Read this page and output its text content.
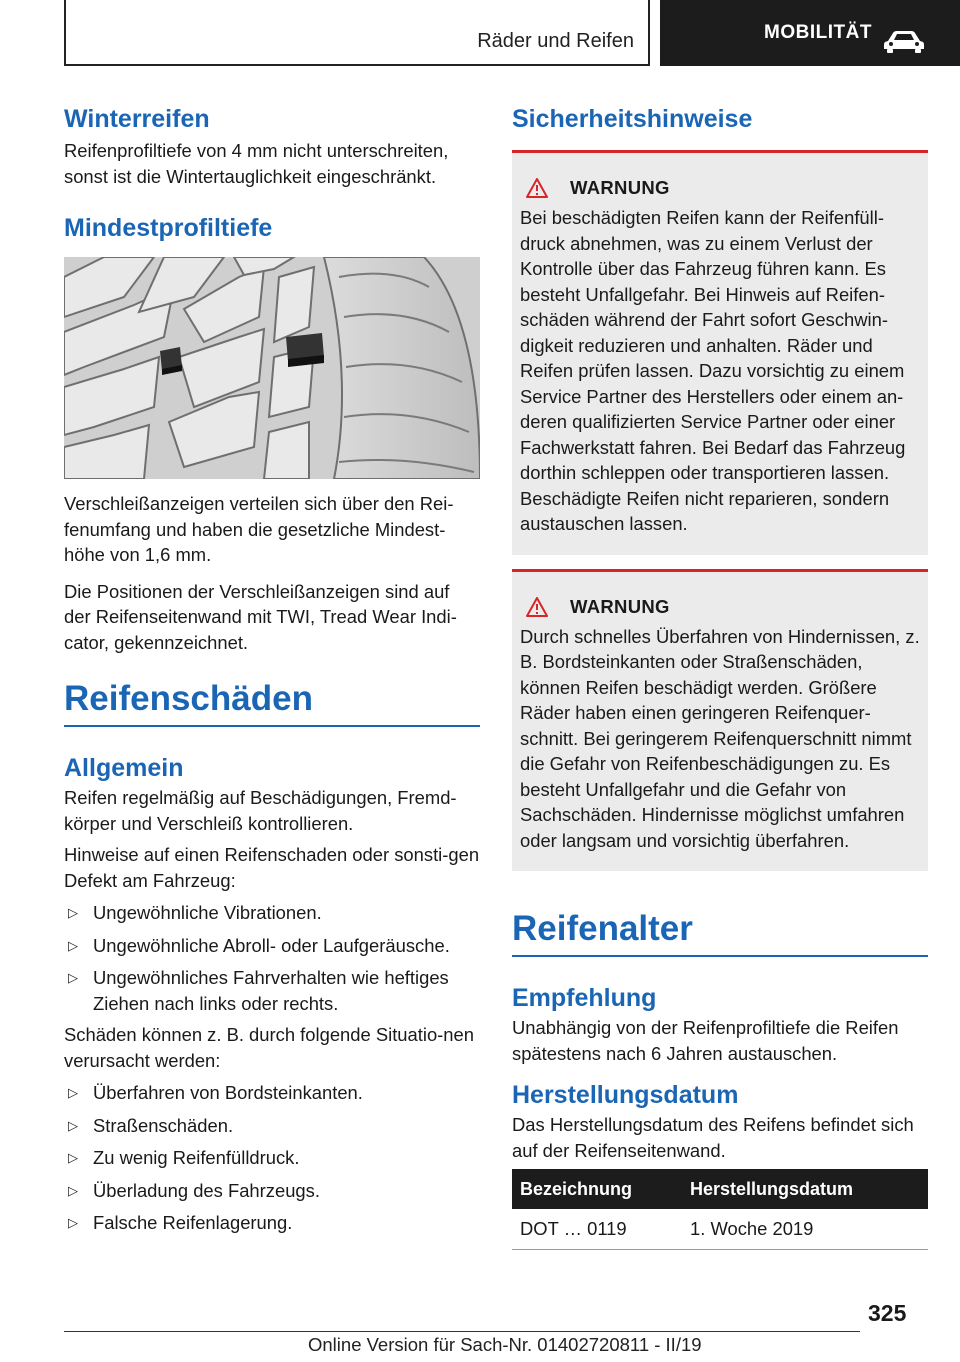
Räder und Reifen	MOBILITÄT
Winterreifen
Reifenprofiltiefe von 4 mm nicht unterschreiten, sonst ist die Wintertauglichkeit eingeschränkt.
Mindestprofiltiefe
Verschleißanzeigen verteilen sich über den Rei-fenumfang und haben die gesetzliche Mindest-höhe von 1,6 mm.
Die Positionen der Verschleißanzeigen sind auf der Reifenseitenwand mit TWI, Tread Wear Indi-cator, gekennzeichnet.
Reifenschäden
Allgemein
Reifen regelmäßig auf Beschädigungen, Fremd-körper und Verschleiß kontrollieren.
Hinweise auf einen Reifenschaden oder sonsti-gen Defekt am Fahrzeug:
▷ Ungewöhnliche Vibrationen.
▷ Ungewöhnliche Abroll‐ oder Laufgeräusche.
▷ Ungewöhnliches Fahrverhalten wie heftiges Ziehen nach links oder rechts.
Schäden können z. B. durch folgende Situatio-nen verursacht werden:
▷ Überfahren von Bordsteinkanten.
▷ Straßenschäden.
▷ Zu wenig Reifenfülldruck.
▷ Überladung des Fahrzeugs.
▷ Falsche Reifenlagerung.
Sicherheitshinweise
WARNUNG
Bei beschädigten Reifen kann der Reifenfüll-druck abnehmen, was zu einem Verlust der Kontrolle über das Fahrzeug führen kann. Es besteht Unfallgefahr. Bei Hinweis auf Reifen-schäden während der Fahrt sofort Geschwin-digkeit reduzieren und anhalten. Räder und Reifen prüfen lassen. Dazu vorsichtig zu einem Service Partner des Herstellers oder einem an-deren qualifizierten Service Partner oder einer Fachwerkstatt fahren. Bei Bedarf das Fahrzeug dorthin schleppen oder transportieren lassen. Beschädigte Reifen nicht reparieren, sondern austauschen lassen.
WARNUNG
Durch schnelles Überfahren von Hindernissen, z. B. Bordsteinkanten oder Straßenschäden, können Reifen beschädigt werden. Größere Räder haben einen geringeren Reifenquer-schnitt. Bei geringerem Reifenquerschnitt nimmt die Gefahr von Reifenbeschädigungen zu. Es besteht Unfallgefahr und die Gefahr von Sachschäden. Hindernisse möglichst umfahren oder langsam und vorsichtig überfahren.
Reifenalter
Empfehlung
Unabhängig von der Reifenprofiltiefe die Reifen spätestens nach 6 Jahren austauschen.
Herstellungsdatum
Das Herstellungsdatum des Reifens befindet sich auf der Reifenseitenwand.
Bezeichnung	Herstellungsdatum
DOT … 0119	1. Woche 2019
325
Online Version für Sach-Nr. 01402720811 - II/19
